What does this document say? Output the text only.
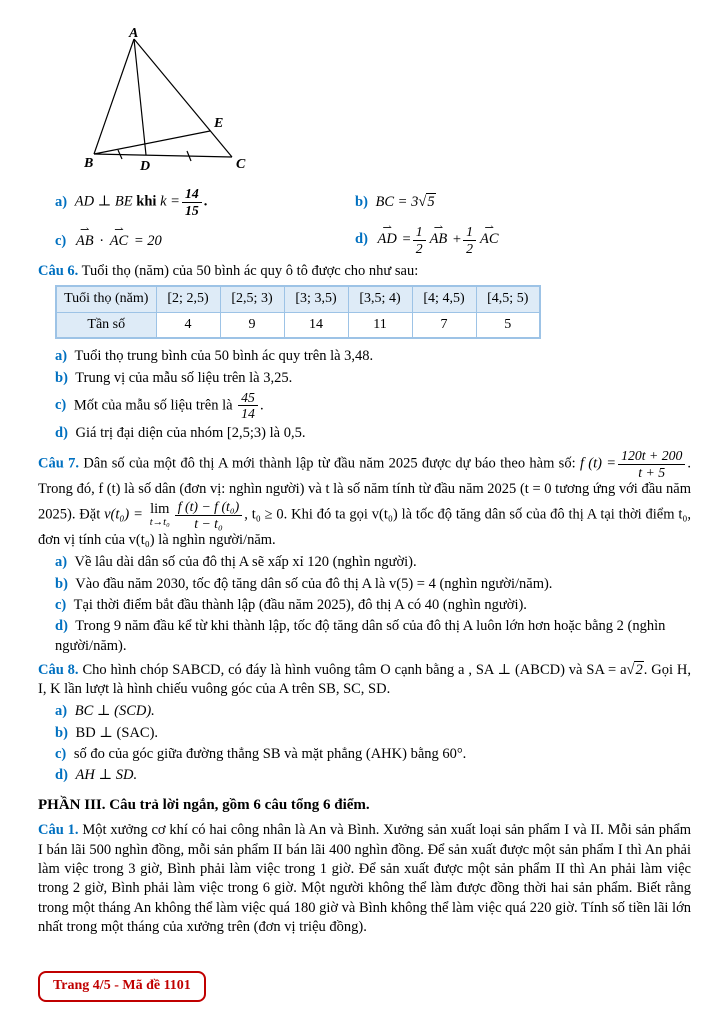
A
B	C
D
E
a) AD ⊥ BE khi $k = \frac{14}{15}$ .	b) BC = 3 √ 5
c) AB ⇀ · AC ⇀ = 20	d) AD ⇀ = $\frac{1}{2}$ AB ⇀ + $\frac{1}{2}$ AC ⇀

Câu 6. Tuổi thọ (năm) của 50 bình ác quy ô tô được cho như sau:

Tuổi thọ (năm)	[2; 2,5)	[2,5; 3)	[3; 3,5)	[3,5; 4)	[4; 4,5)	[4,5; 5)
Tần số	4	9	14	11	7	5

a) Tuổi thọ trung bình của 50 bình ác quy trên là 3,48.

b) Trung vị của mẫu số liệu trên là 3,25.

c) Mốt của mẫu số liệu trên là $\frac{45}{14}$ .

d) Giá trị đại diện của nhóm [2,5;3) là 0,5.

Câu 7. Dân số của một đô thị A mới thành lập từ đầu năm 2025 được dự báo theo hàm số: f $(t) = \frac{120t + 200}{t + 5}$ . Trong đó, f (t) là số dân (đơn vị: nghìn người) và t là số năm tính từ đầu năm 2025 (t = 0 tương ứng với đầu năm 2025). Đặt v(t₀) = lim
$t\to t_0 \frac{\text{f (t) − f (t₀)}}{\text{t − t₀}}$ , t₀ ≥ 0. Khi đó ta gọi v(t₀) là tốc độ tăng dân số của đô thị A tại thời điểm t₀, đơn vị tính của v(t₀) là nghìn người/năm.

a) Về lâu dài dân số của đô thị A sẽ xấp xỉ 120 (nghìn người).

b) Vào đầu năm 2030, tốc độ tăng dân số của đô thị A là v(5) = 4 (nghìn người/năm).

c) Tại thời điểm bắt đầu thành lập (đầu năm 2025), đô thị A có 40 (nghìn người).

d) Trong 9 năm đầu kể từ khi thành lập, tốc độ tăng dân số của đô thị A luôn lớn hơn hoặc bằng 2 (nghìn người/năm).

Câu 8. Cho hình chóp SABCD, có đáy là hình vuông tâm O cạnh bằng a , SA ⊥ (ABCD) và SA = a √ 2. Gọi H, I, K lần lượt là hình chiếu vuông góc của A trên SB, SC, SD.

a) BC ⊥ (SCD).

b) BD ⊥ (SAC).

c) số đo của góc giữa đường thẳng SB và mặt phẳng (AHK) bằng 60°.

d) AH ⊥ SD.

PHẦN III. Câu trả lời ngắn, gồm 6 câu tổng 6 điểm.

Câu 1. Một xưởng cơ khí có hai công nhân là An và Bình. Xưởng sản xuất loại sản phẩm I và II. Mỗi sản phẩm I bán lãi 500 nghìn đồng, mỗi sản phẩm II bán lãi 400 nghìn đồng. Để sản xuất được một sản phẩm I thì An phải làm việc trong 3 giờ, Bình phải làm việc trong 1 giờ. Để sản xuất được một sản phẩm II thì An phải làm việc trong 2 giờ, Bình phải làm việc trong 6 giờ. Một người không thể làm được đồng thời hai sản phẩm. Biết rằng trong một tháng An không thể làm việc quá 180 giờ và Bình không thể làm việc quá 220 giờ. Tính số tiền lãi lớn nhất trong một tháng của xưởng trên (đơn vị triệu đồng).

Trang 4/5 - Mã đề 1101
